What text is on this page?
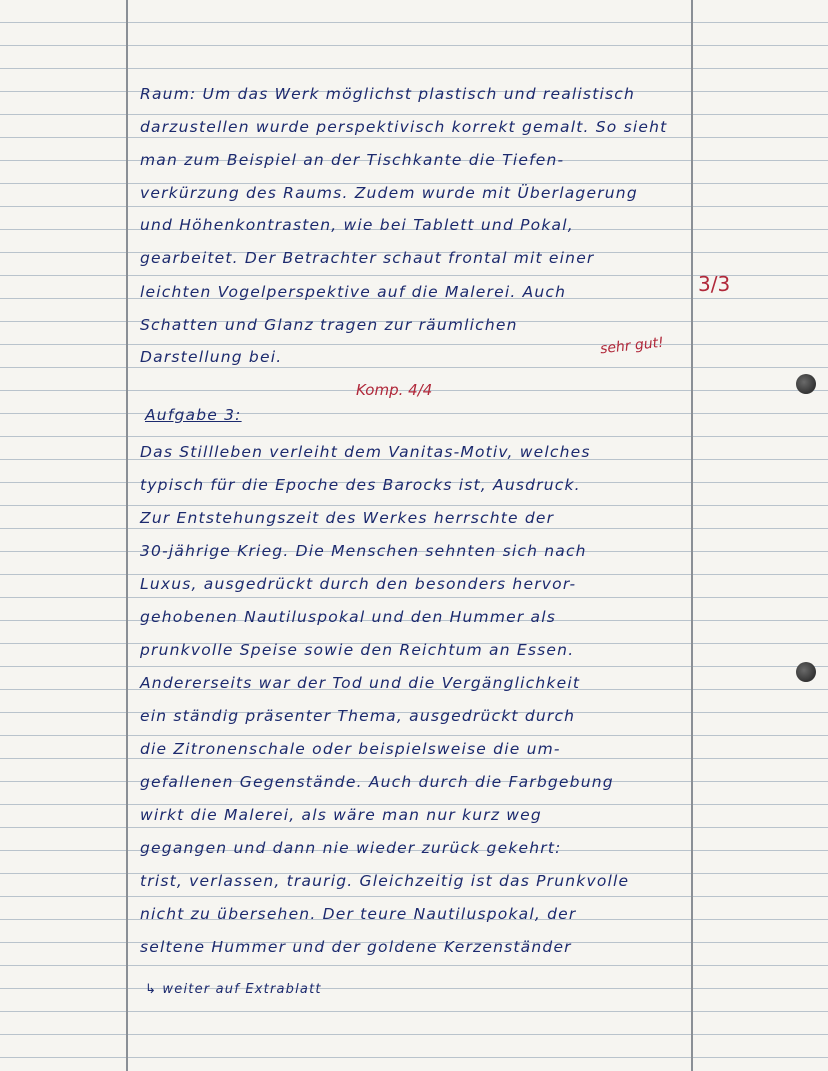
Raum: Um das Werk möglichst plastisch und realistisch

darzustellen wurde perspektivisch korrekt gemalt. So sieht

man zum Beispiel an der Tischkante die Tiefen-

verkürzung des Raums. Zudem wurde mit Überlagerung

und Höhenkontrasten, wie bei Tablett und Pokal,

gearbeitet. Der Betrachter schaut frontal mit einer

leichten Vogelperspektive auf die Malerei. Auch

Schatten und Glanz tragen zur räumlichen

Darstellung bei.

3/3
sehr gut!
Komp. 4/4

Aufgabe 3:

Das Stillleben verleiht dem Vanitas-Motiv, welches

typisch für die Epoche des Barocks ist, Ausdruck.

Zur Entstehungszeit des Werkes herrschte der

30-jährige Krieg. Die Menschen sehnten sich nach

Luxus, ausgedrückt durch den besonders hervor-

gehobenen Nautiluspokal und den Hummer als

prunkvolle Speise sowie den Reichtum an Essen.

Andererseits war der Tod und die Vergänglichkeit

ein ständig präsenter Thema, ausgedrückt durch

die Zitronenschale oder beispielsweise die um-

gefallenen Gegenstände. Auch durch die Farbgebung

wirkt die Malerei, als wäre man nur kurz weg

gegangen und dann nie wieder zurück gekehrt:

trist, verlassen, traurig. Gleichzeitig ist das Prunkvolle

nicht zu übersehen. Der teure Nautiluspokal, der

seltene Hummer und der goldene Kerzenständer

↳ weiter auf Extrablatt
